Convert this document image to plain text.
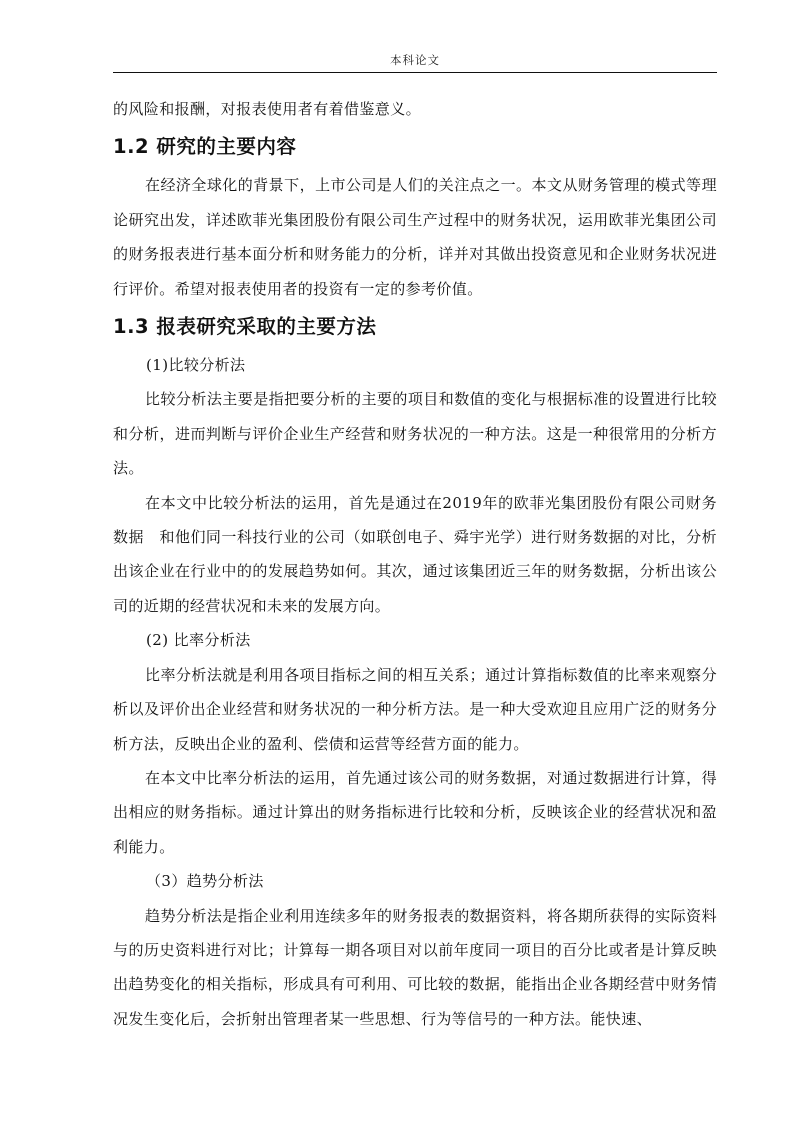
本科论文

的风险和报酬，对报表使用者有着借鉴意义。

1.2 研究的主要内容

在经济全球化的背景下，上市公司是人们的关注点之一。本文从财务管理的模式等理论研究出发，详述欧菲光集团股份有限公司生产过程中的财务状况，运用欧菲光集团公司的财务报表进行基本面分析和财务能力的分析，详并对其做出投资意见和企业财务状况进行评价。希望对报表使用者的投资有一定的参考价值。

1.3 报表研究采取的主要方法

(1)比较分析法

比较分析法主要是指把要分析的主要的项目和数值的变化与根据标准的设置进行比较和分析，进而判断与评价企业生产经营和财务状况的一种方法。这是一种很常用的分析方法。

在本文中比较分析法的运用，首先是通过在2019年的欧菲光集团股份有限公司财务数据　和他们同一科技行业的公司（如联创电子、舜宇光学）进行财务数据的对比，分析出该企业在行业中的的发展趋势如何。其次，通过该集团近三年的财务数据，分析出该公司的近期的经营状况和未来的发展方向。

(2) 比率分析法

比率分析法就是利用各项目指标之间的相互关系；通过计算指标数值的比率来观察分析以及评价出企业经营和财务状况的一种分析方法。是一种大受欢迎且应用广泛的财务分析方法，反映出企业的盈利、偿债和运营等经营方面的能力。

在本文中比率分析法的运用，首先通过该公司的财务数据，对通过数据进行计算，得出相应的财务指标。通过计算出的财务指标进行比较和分析，反映该企业的经营状况和盈利能力。

（3）趋势分析法

趋势分析法是指企业利用连续多年的财务报表的数据资料，将各期所获得的实际资料与的历史资料进行对比；计算每一期各项目对以前年度同一项目的百分比或者是计算反映出趋势变化的相关指标，形成具有可利用、可比较的数据，能指出企业各期经营中财务情况发生变化后，会折射出管理者某一些思想、行为等信号的一种方法。能快速、
